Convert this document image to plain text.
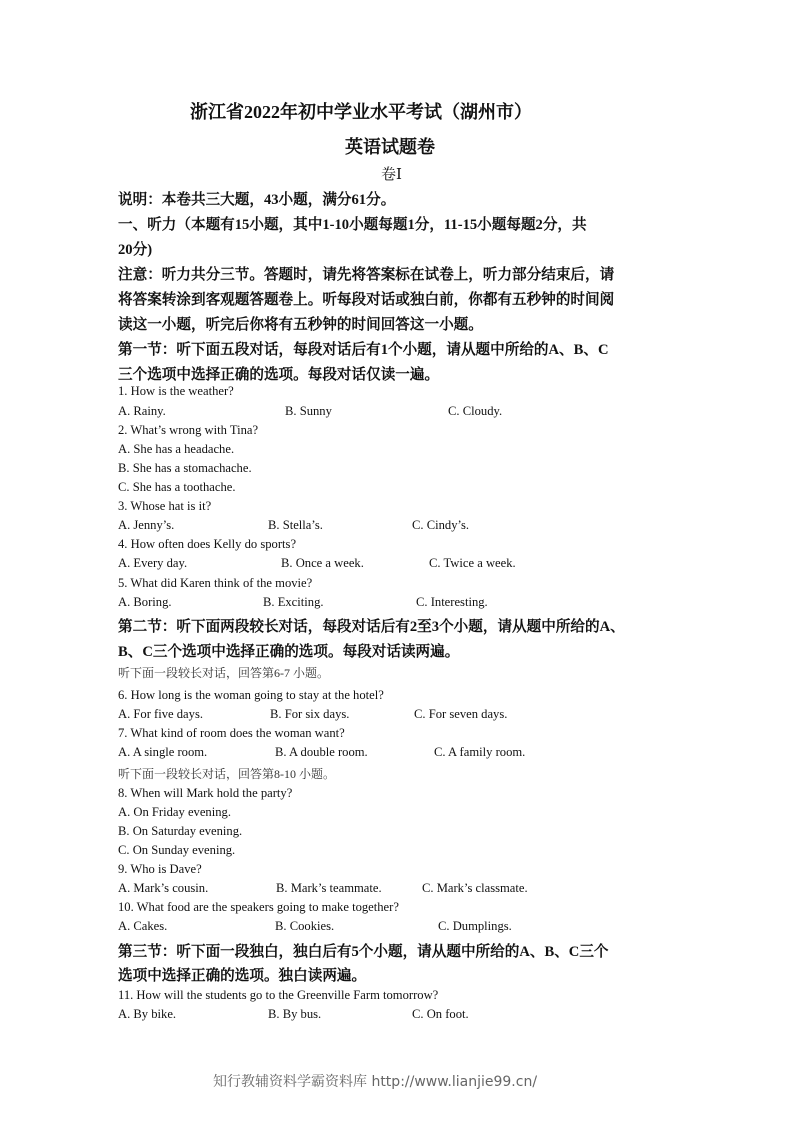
浙江省2022年初中学业水平考试（湖州市）
英语试题卷
卷Ⅰ
说明：本卷共三大题，43小题，满分61分。
一、听力（本题有15小题，其中1-10小题每题1分，11-15小题每题2分，共
20分)
注意：听力共分三节。答题时，请先将答案标在试卷上，听力部分结束后，请
将答案转涂到客观题答题卷上。听每段对话或独白前，你都有五秒钟的时间阅
读这一小题，听完后你将有五秒钟的时间回答这一小题。
第一节：听下面五段对话，每段对话后有1个小题，请从题中所给的A、B、C
三个选项中选择正确的选项。每段对话仅读一遍。
1. How is the weather?
A. Rainy.	B. Sunny	C. Cloudy.
2. What’s wrong with Tina?
A. She has a headache.
B. She has a stomachache.
C. She has a toothache.
3. Whose hat is it?
A. Jenny’s.	B. Stella’s.	C. Cindy’s.
4. How often does Kelly do sports?
A. Every day.	B. Once a week.	C. Twice a week.
5. What did Karen think of the movie?
A. Boring.	B. Exciting.	C. Interesting.
第二节：听下面两段较长对话，每段对话后有2至3个小题，请从题中所给的A、
B、C三个选项中选择正确的选项。每段对话读两遍。
听下面一段较长对话，回答第6-7 小题。
6. How long is the woman going to stay at the hotel?
A. For five days.	B. For six days.	C. For seven days.
7. What kind of room does the woman want?
A. A single room.	B. A double room.	C. A family room.
听下面一段较长对话，回答第8-10 小题。
8. When will Mark hold the party?
A. On Friday evening.
B. On Saturday evening.
C. On Sunday evening.
9. Who is Dave?
A. Mark’s cousin.	B. Mark’s teammate.	C. Mark’s classmate.
10. What food are the speakers going to make together?
A. Cakes.	B. Cookies.	C. Dumplings.
第三节：听下面一段独白，独白后有5个小题，请从题中所给的A、B、C三个
选项中选择正确的选项。独白读两遍。
11. How will the students go to the Greenville Farm tomorrow?
A. By bike.	B. By bus.	C. On foot.
知行教辅资料学霸资料库 http://www.lianjie99.cn/
